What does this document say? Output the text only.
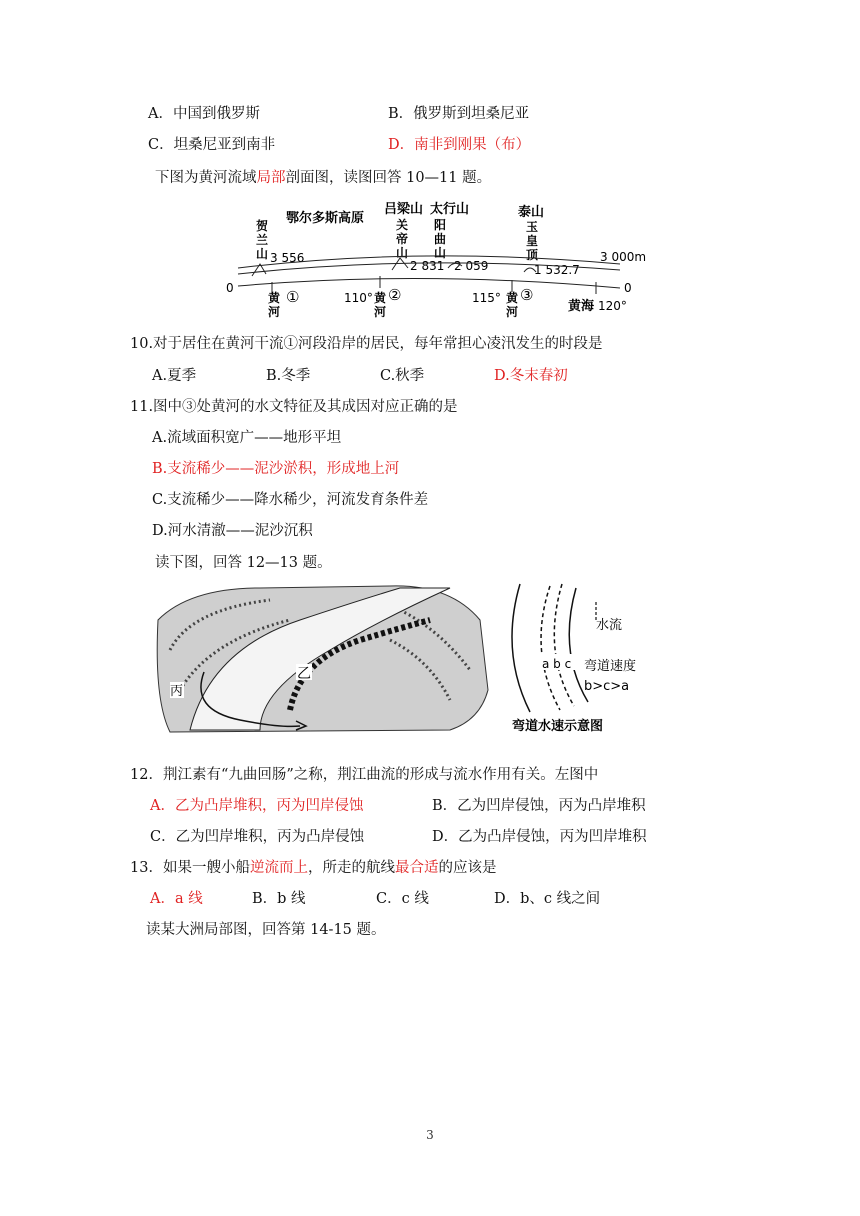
A．中国到俄罗斯	B．俄罗斯到坦桑尼亚
C．坦桑尼亚到南非	D．南非到刚果（布）
下图为黄河流域局部剖面图，读图回答 10—11 题。
鄂尔多斯高原
吕梁山 太行山	泰山
关
帝
山
阳
曲
山
玉
皇
顶
贺
兰
山 3 556
2 831 2 059	1 532.7
3 000m
0	0
黄
河
①	110° 黄
河
②	115° 黄
河
③
黄海 120°
10.对于居住在黄河干流①河段沿岸的居民，每年常担心凌汛发生的时段是
A.夏季	B.冬季	C.秋季	D.冬末春初
11.图中③处黄河的水文特征及其成因对应正确的是
A.流域面积宽广——地形平坦
B.支流稀少——泥沙淤积，形成地上河
C.支流稀少——降水稀少，河流发育条件差
D.河水清澈——泥沙沉积
读下图，回答 12—13 题。
乙
丙
水流
a b c 弯道速度
b>c>a
弯道水速示意图
12．荆江素有“九曲回肠”之称，荆江曲流的形成与流水作用有关。左图中
A．乙为凸岸堆积，丙为凹岸侵蚀	B．乙为凹岸侵蚀，丙为凸岸堆积
C．乙为凹岸堆积，丙为凸岸侵蚀	D．乙为凸岸侵蚀，丙为凹岸堆积
13．如果一艘小船逆流而上，所走的航线最合适的应该是
A．a 线	B．b 线	C．c 线	D．b、c 线之间
读某大洲局部图，回答第 14-15 题。
3
